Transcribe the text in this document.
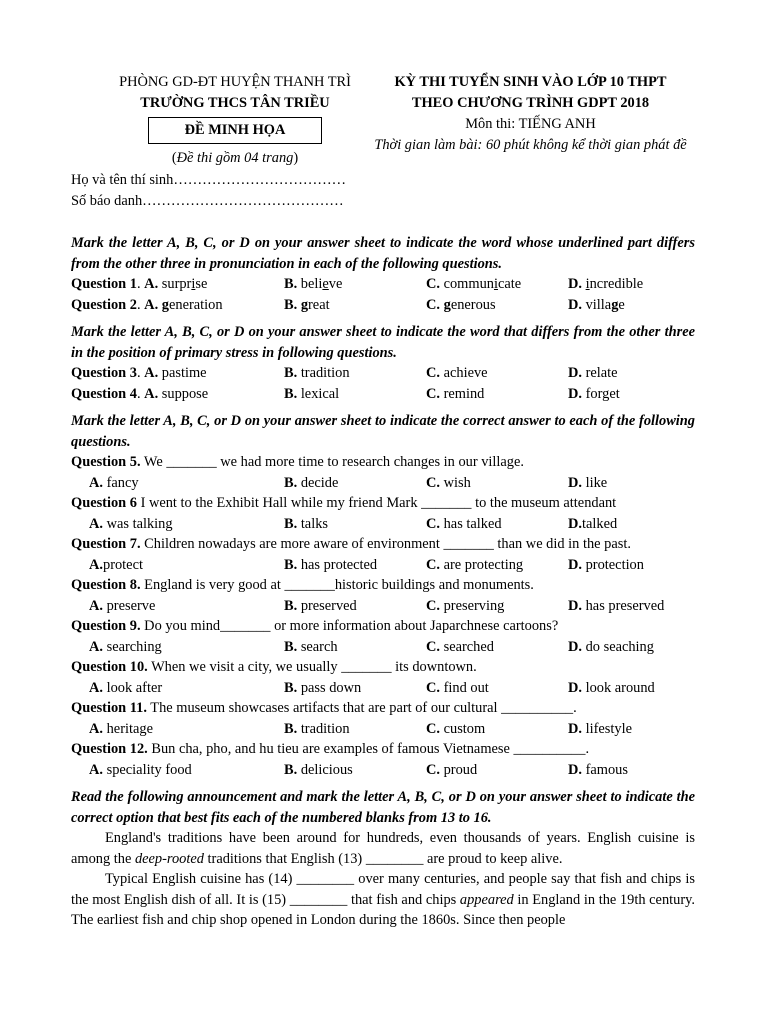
PHÒNG GD-ĐT HUYỆN THANH TRÌ
TRƯỜNG THCS TÂN TRIỀU
ĐỀ MINH HỌA
(Đề thi gồm 04 trang)
KỲ THI TUYỂN SINH VÀO LỚP 10 THPT
THEO CHƯƠNG TRÌNH GDPT 2018
Môn thi: TIẾNG ANH
Thời gian làm bài: 60 phút không kể thời gian phát đề
Họ và tên thí sinh………………………………
Số báo danh……………………………………
Mark the letter A, B, C, or D on your answer sheet to indicate the word whose underlined part differs from the other three in pronunciation in each of the following questions.
Question 1. A. surprise	B. believe	C. communicate	D. incredible
Question 2. A. generation	B. great	C. generous	D. village
Mark the letter A, B, C, or D on your answer sheet to indicate the word that differs from the other three in the position of primary stress in following questions.
Question 3. A. pastime	B. tradition	C. achieve	D. relate
Question 4. A. suppose	B. lexical	C. remind	D. forget
Mark the letter A, B, C, or D on your answer sheet to indicate the correct answer to each of the following questions.
Question 5. We _______ we had more time to research changes in our village.
A. fancy	B. decide	C. wish	D. like
Question 6 I went to the Exhibit Hall while my friend Mark _______ to the museum attendant
A. was talking	B. talks	C. has talked	D.talked
Question 7. Children nowadays are more aware of environment _______ than we did in the past.
A.protect	B. has protected	C. are protecting	D. protection
Question 8. England is very good at _______historic buildings and monuments.
A. preserve	B. preserved	C. preserving	D. has preserved
Question 9. Do you mind_______ or more information about Japarchnese cartoons?
A. searching	B. search	C. searched	D. do seaching
Question 10. When we visit a city, we usually _______ its downtown.
A. look after	B. pass down	C. find out	D. look around
Question 11. The museum showcases artifacts that are part of our cultural __________.
A. heritage	B. tradition	C. custom	D. lifestyle
Question 12. Bun cha, pho, and hu tieu are examples of famous Vietnamese __________.
A. speciality food	B. delicious	C. proud	D. famous
Read the following announcement and mark the letter A, B, C, or D on your answer sheet to indicate the correct option that best fits each of the numbered blanks from 13 to 16.

England's traditions have been around for hundreds, even thousands of years. English cuisine is among the deep-rooted traditions that English (13) ________ are proud to keep alive.

Typical English cuisine has (14) ________ over many centuries, and people say that fish and chips is the most English dish of all. It is (15) ________ that fish and chips appeared in England in the 19th century. The earliest fish and chip shop opened in London during the 1860s. Since then people
